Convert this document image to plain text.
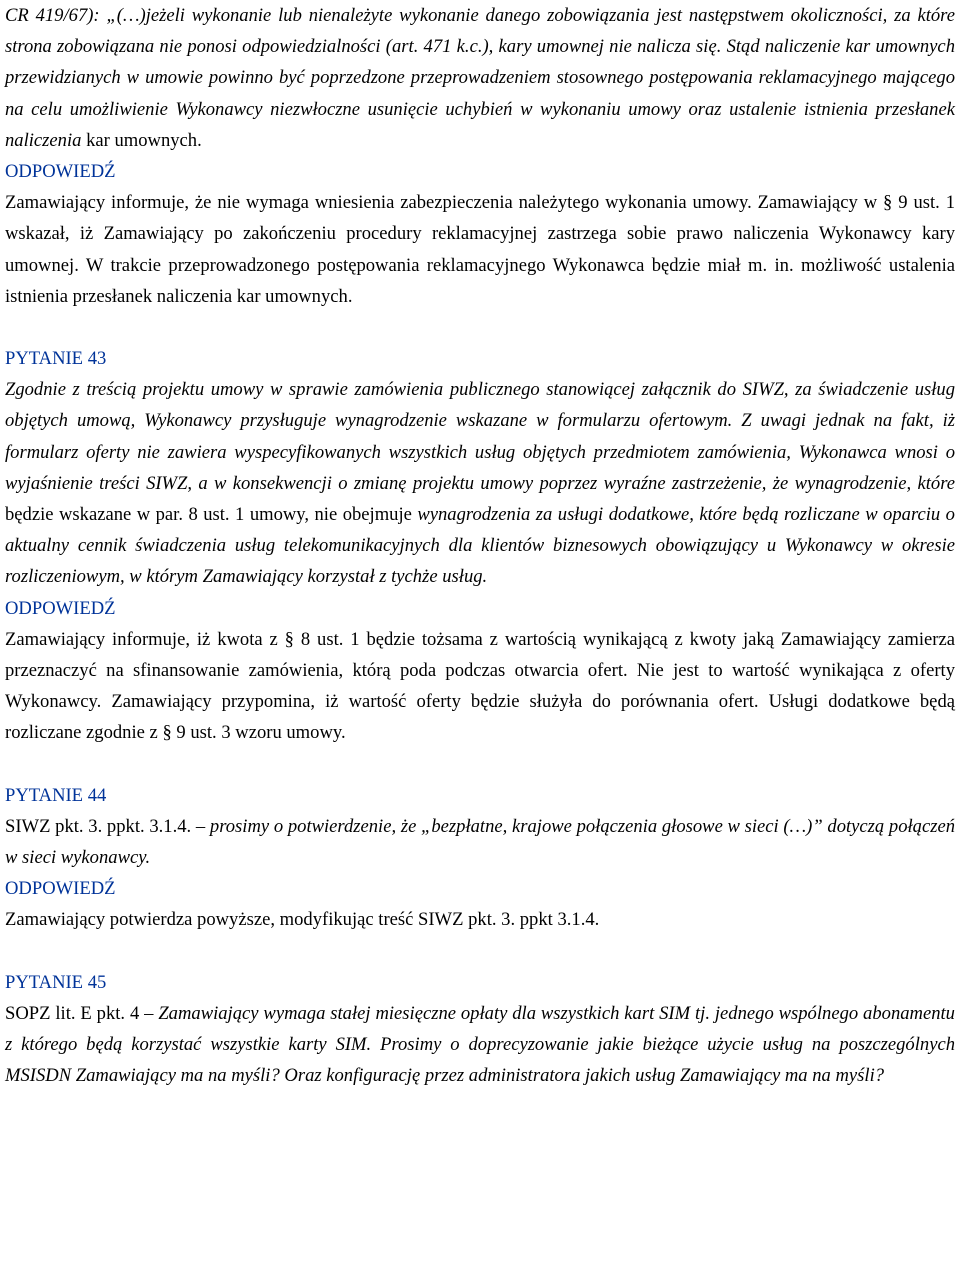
CR 419/67): „(…)jeżeli wykonanie lub nienależyte wykonanie danego zobowiązania jest następstwem okoliczności, za które strona zobowiązana nie ponosi odpowiedzialności (art. 471 k.c.), kary umownej nie nalicza się. Stąd naliczenie kar umownych przewidzianych w umowie powinno być poprzedzone przeprowadzeniem stosownego postępowania reklamacyjnego mającego na celu umożliwienie Wykonawcy niezwłoczne usunięcie uchybień w wykonaniu umowy oraz ustalenie istnienia przesłanek naliczenia kar umownych.

ODPOWIEDŹ

Zamawiający informuje, że nie wymaga wniesienia zabezpieczenia należytego wykonania umowy. Zamawiający w § 9 ust. 1 wskazał, iż Zamawiający po zakończeniu procedury reklamacyjnej zastrzega sobie prawo naliczenia Wykonawcy kary umownej. W trakcie przeprowadzonego postępowania reklamacyjnego Wykonawca będzie miał m. in. możliwość ustalenia istnienia przesłanek naliczenia kar umownych.

PYTANIE 43

Zgodnie z treścią projektu umowy w sprawie zamówienia publicznego stanowiącej załącznik do SIWZ, za świadczenie usług objętych umową, Wykonawcy przysługuje wynagrodzenie wskazane w formularzu ofertowym. Z uwagi jednak na fakt, iż formularz oferty nie zawiera wyspecyfikowanych wszystkich usług objętych przedmiotem zamówienia, Wykonawca wnosi o wyjaśnienie treści SIWZ, a w konsekwencji o zmianę projektu umowy poprzez wyraźne zastrzeżenie, że wynagrodzenie, które będzie wskazane w par. 8 ust. 1 umowy, nie obejmuje wynagrodzenia za usługi dodatkowe, które będą rozliczane w oparciu o aktualny cennik świadczenia usług telekomunikacyjnych dla klientów biznesowych obowiązujący u Wykonawcy w okresie rozliczeniowym, w którym Zamawiający korzystał z tychże usług.

ODPOWIEDŹ

Zamawiający informuje, iż kwota z § 8 ust. 1 będzie tożsama z wartością wynikającą z kwoty jaką Zamawiający zamierza przeznaczyć na sfinansowanie zamówienia, którą poda podczas otwarcia ofert. Nie jest to wartość wynikająca z oferty Wykonawcy. Zamawiający przypomina, iż wartość oferty będzie służyła do porównania ofert. Usługi dodatkowe będą rozliczane zgodnie z § 9 ust. 3 wzoru umowy.

PYTANIE 44

SIWZ pkt. 3. ppkt. 3.1.4. – prosimy o potwierdzenie, że „bezpłatne, krajowe połączenia głosowe w sieci (…)” dotyczą połączeń w sieci wykonawcy.

ODPOWIEDŹ

Zamawiający potwierdza powyższe, modyfikując treść SIWZ pkt. 3. ppkt 3.1.4.

PYTANIE 45

SOPZ lit. E pkt. 4 – Zamawiający wymaga stałej miesięczne opłaty dla wszystkich kart SIM tj. jednego wspólnego abonamentu z którego będą korzystać wszystkie karty SIM. Prosimy o doprecyzowanie jakie bieżące użycie usług na poszczególnych MSISDN Zamawiający ma na myśli? Oraz konfigurację przez administratora jakich usług Zamawiający ma na myśli?
